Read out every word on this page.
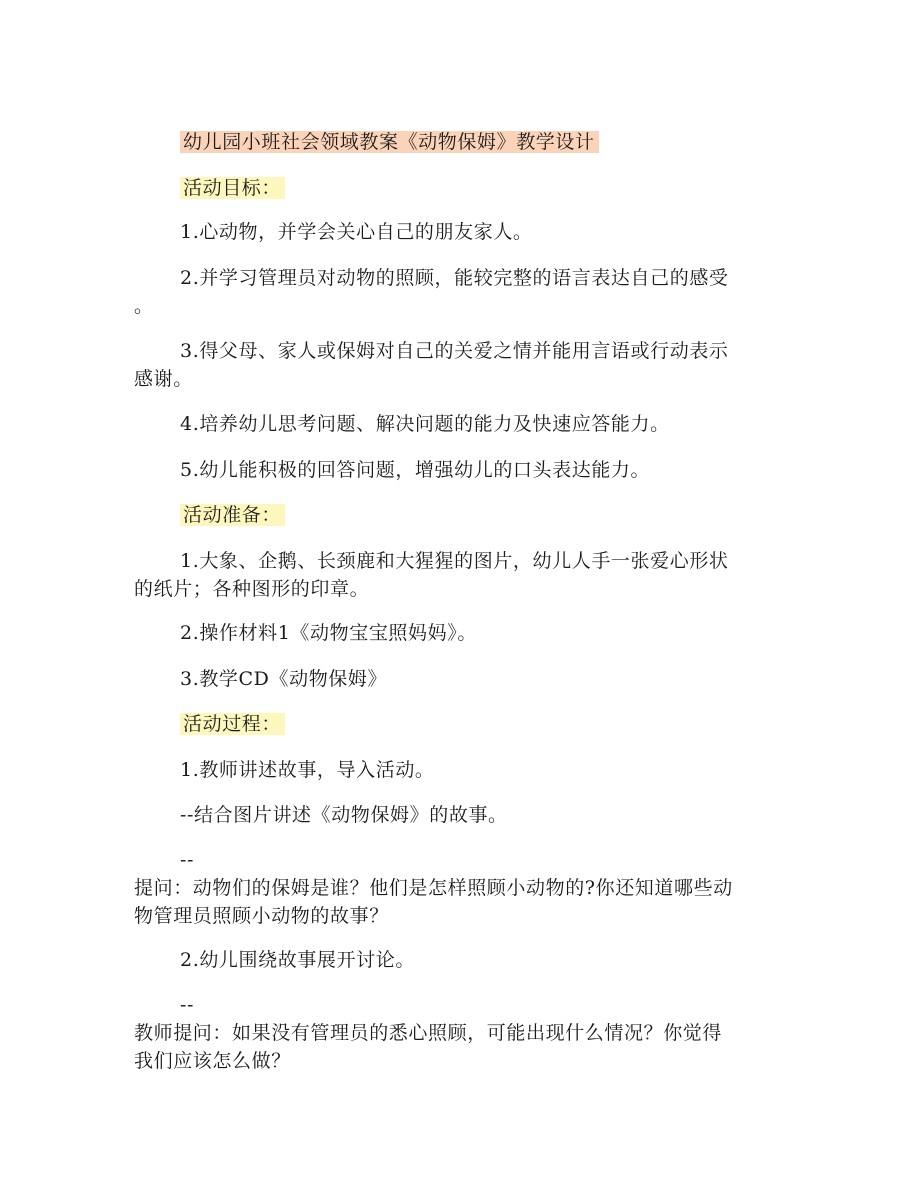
幼儿园小班社会领域教案《动物保姆》教学设计
活动目标：
1.心动物，并学会关心自己的朋友家人。
2.并学习管理员对动物的照顾，能较完整的语言表达自己的感受
。
3.得父母、家人或保姆对自己的关爱之情并能用言语或行动表示
感谢。
4.培养幼儿思考问题、解决问题的能力及快速应答能力。
5.幼儿能积极的回答问题，增强幼儿的口头表达能力。
活动准备：
1.大象、企鹅、长颈鹿和大猩猩的图片，幼儿人手一张爱心形状
的纸片；各种图形的印章。
2.操作材料1《动物宝宝照妈妈》。
3.教学CD《动物保姆》
活动过程：
1.教师讲述故事，导入活动。
--结合图片讲述《动物保姆》的故事。
--
提问：动物们的保姆是谁？他们是怎样照顾小动物的?你还知道哪些动
物管理员照顾小动物的故事？
2.幼儿围绕故事展开讨论。
--
教师提问：如果没有管理员的悉心照顾，可能出现什么情况？你觉得
我们应该怎么做？
